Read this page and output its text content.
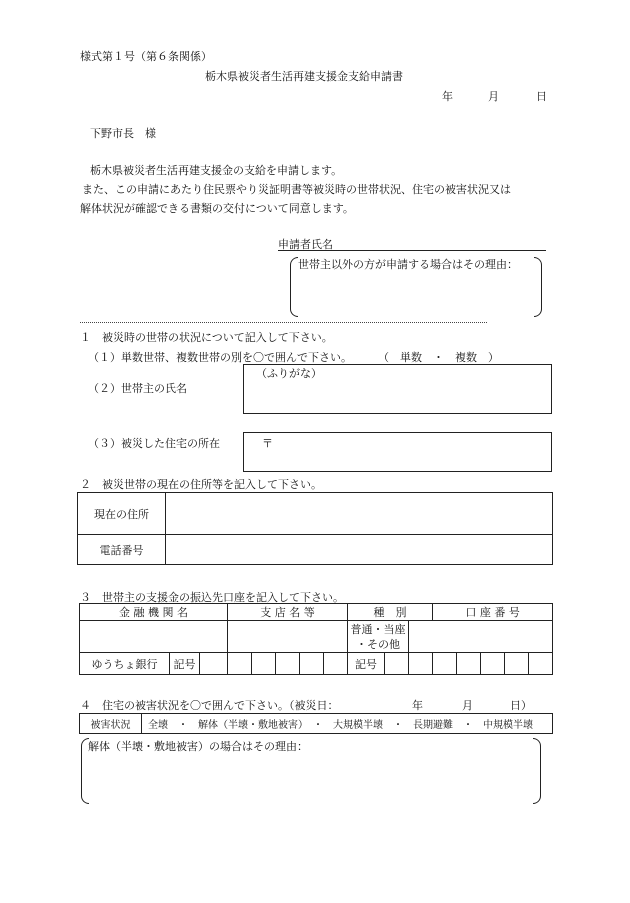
様式第１号（第６条関係）
栃木県被災者生活再建支援金支給申請書
年	月	日
下野市長　様
栃木県被災者生活再建支援金の支給を申請します。
また、この申請にあたり住民票やり災証明書等被災時の世帯状況、住宅の被害状況又は
解体状況が確認できる書類の交付について同意します。
申請者氏名
世帯主以外の方が申請する場合はその理由：
１　被災時の世帯の状況について記入して下さい。
（１）単数世帯、複数世帯の別を〇で囲んで下さい。 （　単数　・　複数　）
（２）世帯主の氏名
（ふりがな）
（３）被災した住宅の所在	〒
２　被災世帯の現在の住所等を記入して下さい。
現在の住所	
電話番号	
３　世帯主の支援金の振込先口座を記入して下さい。
金 融 機 関 名			支 店 名 等					種　別			口 座 番 号				

								普通・当座
・その他							

ゆうちょ銀行	記号							記号							
４　住宅の被害状況を〇で囲んで下さい。（被災日：	年	月	日）
被害状況	全壊　・　解体（半壊・敷地被害）　・　大規模半壊　・　長期避難　・　中規模半壊
解体（半壊・敷地被害）の場合はその理由：
